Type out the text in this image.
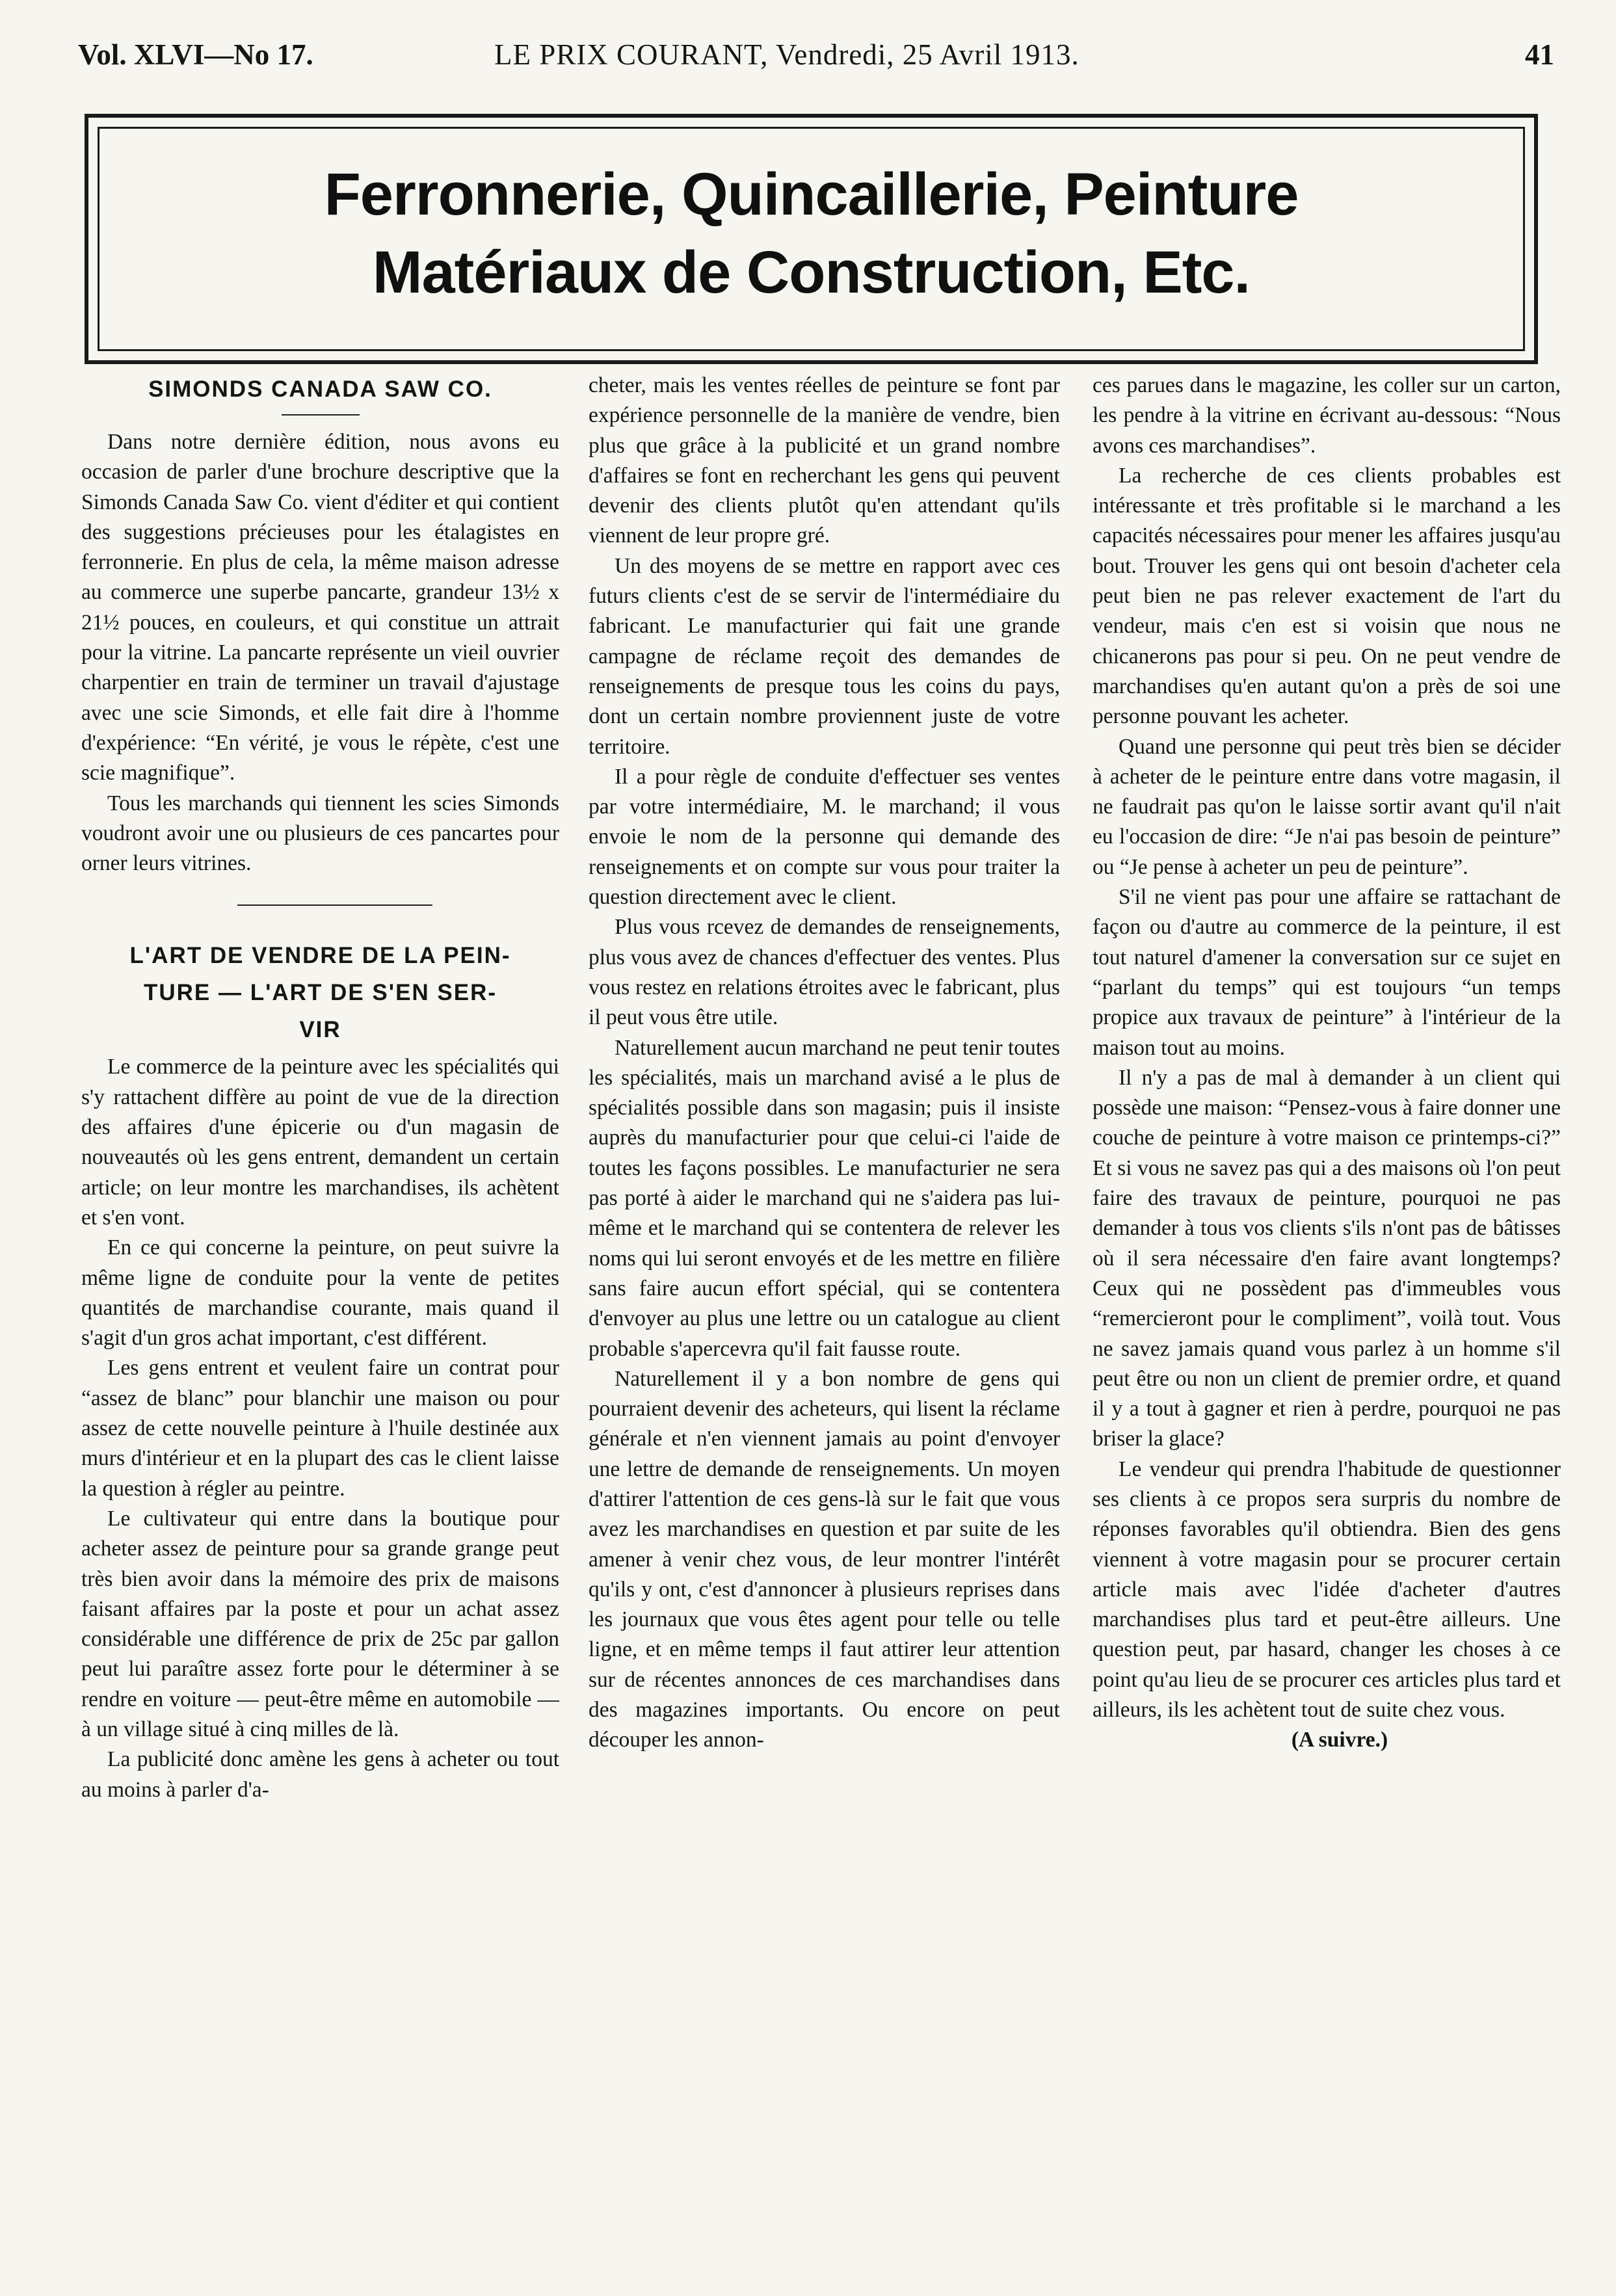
Vol. XLVI—No 17.	LE PRIX COURANT, Vendredi, 25 Avril 1913.	41
Ferronnerie, Quincaillerie, Peinture
Matériaux de Construction, Etc.
SIMONDS CANADA SAW CO.

Dans notre dernière édition, nous avons eu occasion de parler d'une brochure descriptive que la Simonds Canada Saw Co. vient d'éditer et qui contient des suggestions précieuses pour les étalagistes en ferronnerie. En plus de cela, la même maison adresse au commerce une superbe pancarte, grandeur 13½ x 21½ pouces, en couleurs, et qui constitue un attrait pour la vitrine. La pancarte représente un vieil ouvrier charpentier en train de terminer un travail d'ajustage avec une scie Simonds, et elle fait dire à l'homme d'expérience: “En vérité, je vous le répète, c'est une scie magnifique”.

Tous les marchands qui tiennent les scies Simonds voudront avoir une ou plusieurs de ces pancartes pour orner leurs vitrines.

L'ART DE VENDRE DE LA PEIN-
TURE — L'ART DE S'EN SER-
VIR

Le commerce de la peinture avec les spécialités qui s'y rattachent diffère au point de vue de la direction des affaires d'une épicerie ou d'un magasin de nouveautés où les gens entrent, demandent un certain article; on leur montre les marchandises, ils achètent et s'en vont.

En ce qui concerne la peinture, on peut suivre la même ligne de conduite pour la vente de petites quantités de marchandise courante, mais quand il s'agit d'un gros achat important, c'est différent.

Les gens entrent et veulent faire un contrat pour “assez de blanc” pour blanchir une maison ou pour assez de cette nouvelle peinture à l'huile destinée aux murs d'intérieur et en la plupart des cas le client laisse la question à régler au peintre.

Le cultivateur qui entre dans la boutique pour acheter assez de peinture pour sa grande grange peut très bien avoir dans la mémoire des prix de maisons faisant affaires par la poste et pour un achat assez considérable une différence de prix de 25c par gallon peut lui paraître assez forte pour le déterminer à se rendre en voiture — peut-être même en automobile — à un village situé à cinq milles de là.

La publicité donc amène les gens à acheter ou tout au moins à parler d'a-

cheter, mais les ventes réelles de peinture se font par expérience personnelle de la manière de vendre, bien plus que grâce à la publicité et un grand nombre d'affaires se font en recherchant les gens qui peuvent devenir des clients plutôt qu'en attendant qu'ils viennent de leur propre gré.

Un des moyens de se mettre en rapport avec ces futurs clients c'est de se servir de l'intermédiaire du fabricant. Le manufacturier qui fait une grande campagne de réclame reçoit des demandes de renseignements de presque tous les coins du pays, dont un certain nombre proviennent juste de votre territoire.

Il a pour règle de conduite d'effectuer ses ventes par votre intermédiaire, M. le marchand; il vous envoie le nom de la personne qui demande des renseignements et on compte sur vous pour traiter la question directement avec le client.

Plus vous rcevez de demandes de renseignements, plus vous avez de chances d'effectuer des ventes. Plus vous restez en relations étroites avec le fabricant, plus il peut vous être utile.

Naturellement aucun marchand ne peut tenir toutes les spécialités, mais un marchand avisé a le plus de spécialités possible dans son magasin; puis il insiste auprès du manufacturier pour que celui-ci l'aide de toutes les façons possibles. Le manufacturier ne sera pas porté à aider le marchand qui ne s'aidera pas lui-même et le marchand qui se contentera de relever les noms qui lui seront envoyés et de les mettre en filière sans faire aucun effort spécial, qui se contentera d'envoyer au plus une lettre ou un catalogue au client probable s'apercevra qu'il fait fausse route.

Naturellement il y a bon nombre de gens qui pourraient devenir des acheteurs, qui lisent la réclame générale et n'en viennent jamais au point d'envoyer une lettre de demande de renseignements. Un moyen d'attirer l'attention de ces gens-là sur le fait que vous avez les marchandises en question et par suite de les amener à venir chez vous, de leur montrer l'intérêt qu'ils y ont, c'est d'annoncer à plusieurs reprises dans les journaux que vous êtes agent pour telle ou telle ligne, et en même temps il faut attirer leur attention sur de récentes annonces de ces marchandises dans des magazines importants. Ou encore on peut découper les annon-

ces parues dans le magazine, les coller sur un carton, les pendre à la vitrine en écrivant au-dessous: “Nous avons ces marchandises”.

La recherche de ces clients probables est intéressante et très profitable si le marchand a les capacités nécessaires pour mener les affaires jusqu'au bout. Trouver les gens qui ont besoin d'acheter cela peut bien ne pas relever exactement de l'art du vendeur, mais c'en est si voisin que nous ne chicanerons pas pour si peu. On ne peut vendre de marchandises qu'en autant qu'on a près de soi une personne pouvant les acheter.

Quand une personne qui peut très bien se décider à acheter de le peinture entre dans votre magasin, il ne faudrait pas qu'on le laisse sortir avant qu'il n'ait eu l'occasion de dire: “Je n'ai pas besoin de peinture” ou “Je pense à acheter un peu de peinture”.

S'il ne vient pas pour une affaire se rattachant de façon ou d'autre au commerce de la peinture, il est tout naturel d'amener la conversation sur ce sujet en “parlant du temps” qui est toujours “un temps propice aux travaux de peinture” à l'intérieur de la maison tout au moins.

Il n'y a pas de mal à demander à un client qui possède une maison: “Pensez-vous à faire donner une couche de peinture à votre maison ce printemps-ci?” Et si vous ne savez pas qui a des maisons où l'on peut faire des travaux de peinture, pourquoi ne pas demander à tous vos clients s'ils n'ont pas de bâtisses où il sera nécessaire d'en faire avant longtemps? Ceux qui ne possèdent pas d'immeubles vous “remercieront pour le compliment”, voilà tout. Vous ne savez jamais quand vous parlez à un homme s'il peut être ou non un client de premier ordre, et quand il y a tout à gagner et rien à perdre, pourquoi ne pas briser la glace?

Le vendeur qui prendra l'habitude de questionner ses clients à ce propos sera surpris du nombre de réponses favorables qu'il obtiendra. Bien des gens viennent à votre magasin pour se procurer certain article mais avec l'idée d'acheter d'autres marchandises plus tard et peut-être ailleurs. Une question peut, par hasard, changer les choses à ce point qu'au lieu de se procurer ces articles plus tard et ailleurs, ils les achètent tout de suite chez vous.

(A suivre.)
